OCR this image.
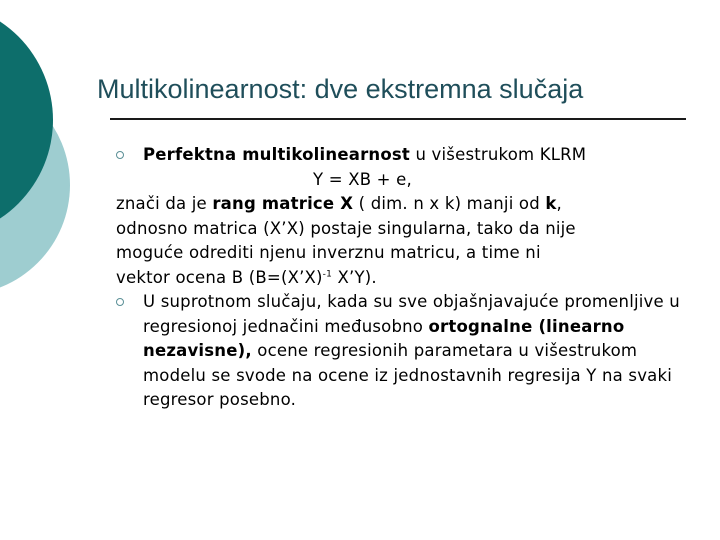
Multikolinearnost: dve ekstremna slučaja
Perfektna multikolinearnost u višestrukom KLRM
Y = XB + e,
znači da je rang matrice X ( dim. n x k) manji od k,
odnosno matrica (X’X) postaje singularna, tako da nije
moguće odrediti njenu inverznu matricu, a time ni
vektor ocena B (B=(X’X)$^{-1}$ X’Y).
U suprotnom slučaju, kada su sve objašnjavajuće promenljive u regresionoj jednačini međusobno ortognalne (linearno nezavisne), ocene regresionih parametara u višestrukom modelu se svode na ocene iz jednostavnih regresija Y na svaki regresor posebno.
